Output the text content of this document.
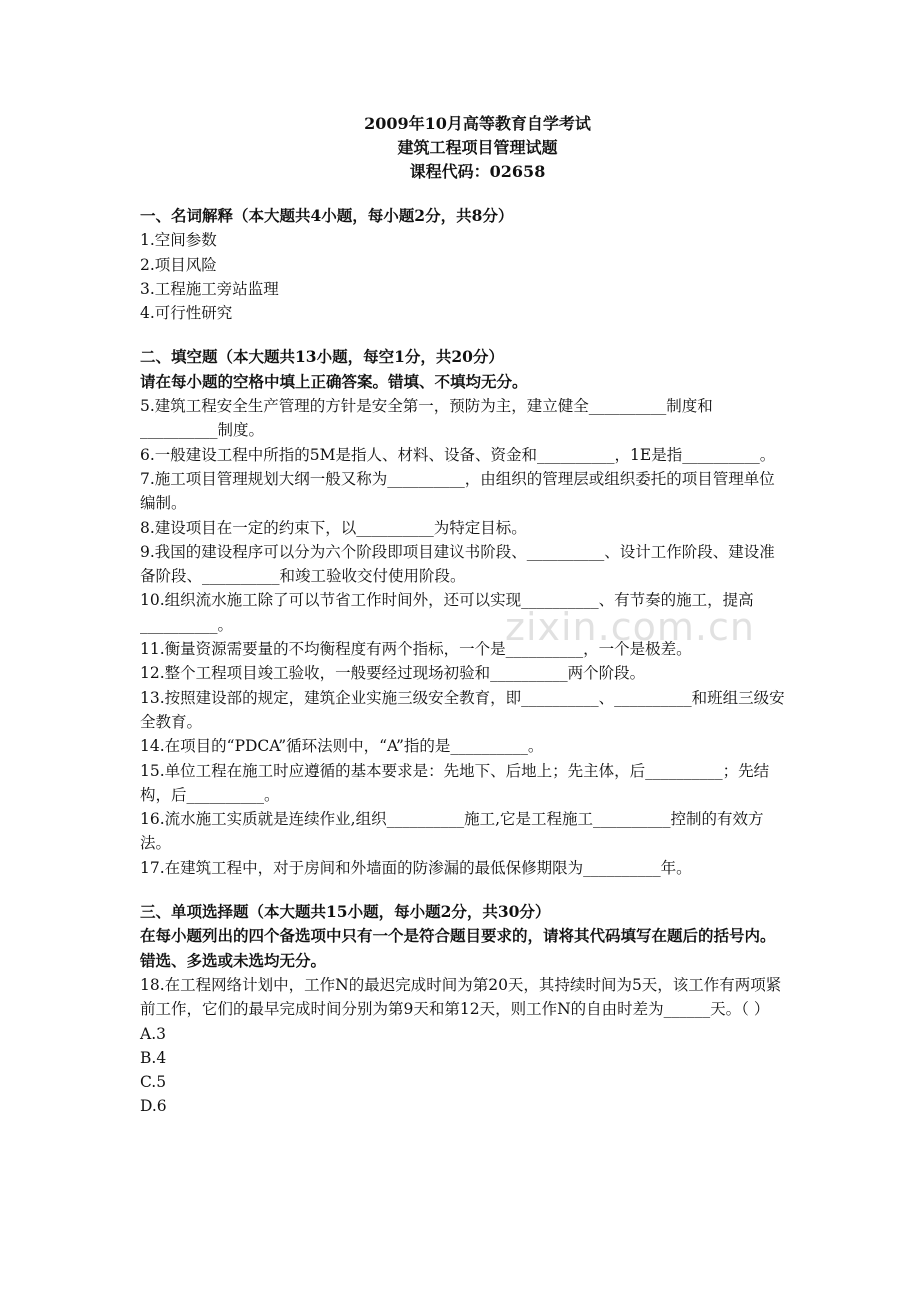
2009年10月高等教育自学考试
建筑工程项目管理试题
课程代码：02658
一、名词解释（本大题共4小题，每小题2分，共8分）
1.空间参数
2.项目风险
3.工程施工旁站监理
4.可行性研究
二、填空题（本大题共13小题，每空1分，共20分）
请在每小题的空格中填上正确答案。错填、不填均无分。
5.建筑工程安全生产管理的方针是安全第一，预防为主，建立健全__________制度和__________制度。
6.一般建设工程中所指的5M是指人、材料、设备、资金和__________，1E是指__________。
7.施工项目管理规划大纲一般又称为__________，由组织的管理层或组织委托的项目管理单位编制。
8.建设项目在一定的约束下，以__________为特定目标。
9.我国的建设程序可以分为六个阶段即项目建议书阶段、__________、设计工作阶段、建设准备阶段、__________和竣工验收交付使用阶段。
10.组织流水施工除了可以节省工作时间外，还可以实现__________、有节奏的施工，提高__________。
11.衡量资源需要量的不均衡程度有两个指标，一个是__________，一个是极差。
12.整个工程项目竣工验收，一般要经过现场初验和__________两个阶段。
13.按照建设部的规定，建筑企业实施三级安全教育，即__________、__________和班组三级安全教育。
14.在项目的“PDCA”循环法则中，“A”指的是__________。
15.单位工程在施工时应遵循的基本要求是：先地下、后地上；先主体，后__________；先结构，后__________。
16.流水施工实质就是连续作业,组织__________施工,它是工程施工__________控制的有效方法。
17.在建筑工程中，对于房间和外墙面的防渗漏的最低保修期限为__________年。
三、单项选择题（本大题共15小题，每小题2分，共30分）
在每小题列出的四个备选项中只有一个是符合题目要求的，请将其代码填写在题后的括号内。错选、多选或未选均无分。
18.在工程网络计划中，工作N的最迟完成时间为第20天，其持续时间为5天，该工作有两项紧前工作，它们的最早完成时间分别为第9天和第12天，则工作N的自由时差为______天。（ ）
A.3
B.4
C.5
D.6
zixin.com.cn
